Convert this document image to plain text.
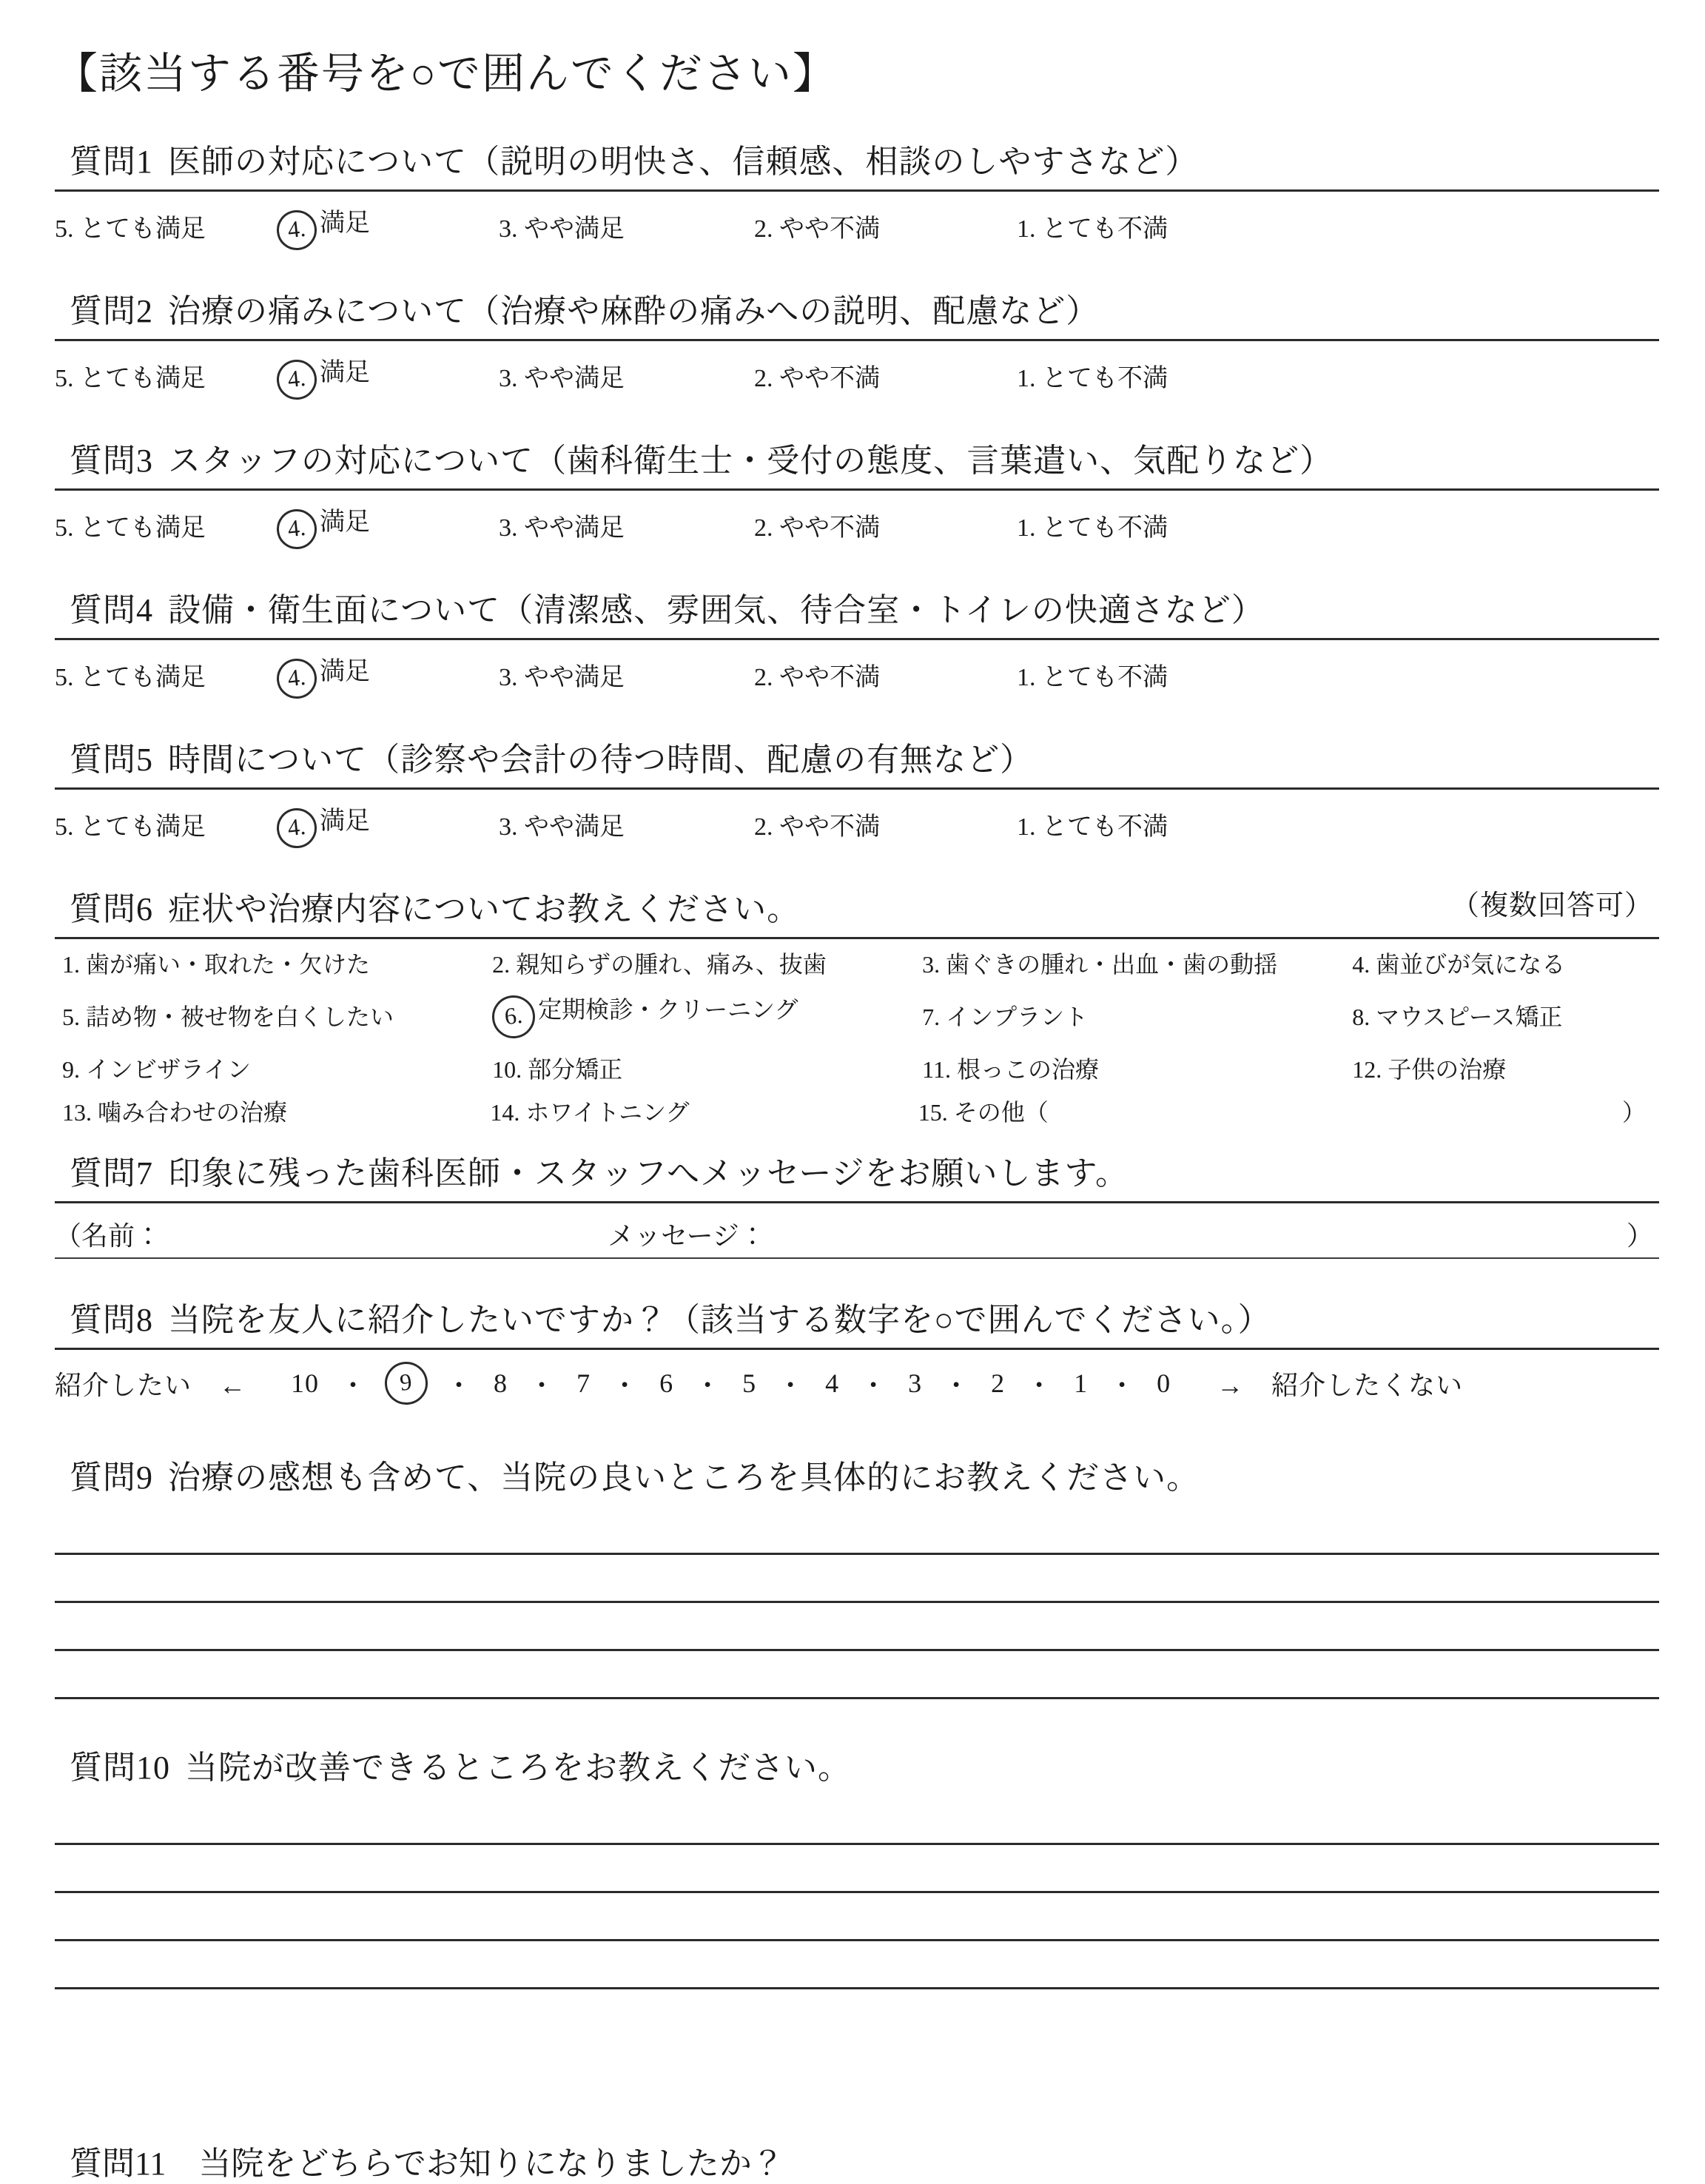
【該当する番号を○で囲んでください】
質問1 医師の対応について（説明の明快さ、信頼感、相談のしやすさなど）
5. とても満足	4. 満足	3. やや満足	2. やや不満	1. とても不満
質問2 治療の痛みについて（治療や麻酔の痛みへの説明、配慮など）
5. とても満足	4. 満足	3. やや満足	2. やや不満	1. とても不満
質問3 スタッフの対応について（歯科衛生士・受付の態度、言葉遣い、気配りなど）
5. とても満足	4. 満足	3. やや満足	2. やや不満	1. とても不満
質問4 設備・衛生面について（清潔感、雰囲気、待合室・トイレの快適さなど）
5. とても満足	4. 満足	3. やや満足	2. やや不満	1. とても不満
質問5 時間について（診察や会計の待つ時間、配慮の有無など）
5. とても満足	4. 満足	3. やや満足	2. やや不満	1. とても不満
（複数回答可）
質問6 症状や治療内容についてお教えください。
1. 歯が痛い・取れた・欠けた	2. 親知らずの腫れ、痛み、抜歯	3. 歯ぐきの腫れ・出血・歯の動揺	4. 歯並びが気になる
5. 詰め物・被せ物を白くしたい	6. 定期検診・クリーニング	7. インプラント	8. マウスピース矯正
9. インビザライン	10. 部分矯正	11. 根っこの治療	12. 子供の治療
13. 噛み合わせの治療	14. ホワイトニング	15. その他（	）
質問7 印象に残った歯科医師・スタッフへメッセージをお願いします。
（名前：	メッセージ：	）
質問8 当院を友人に紹介したいですか？（該当する数字を○で囲んでください。）
紹介したい　← 10 ・	9	・ 8 ・ 7 ・ 6 ・ 5 ・ 4 ・ 3 ・ 2 ・ 1 ・ 0 →　紹介したくない
質問9 治療の感想も含めて、当院の良いところを具体的にお教えください。
質問10 当院が改善できるところをお教えください。
質問11　当院をどちらでお知りになりましたか？
